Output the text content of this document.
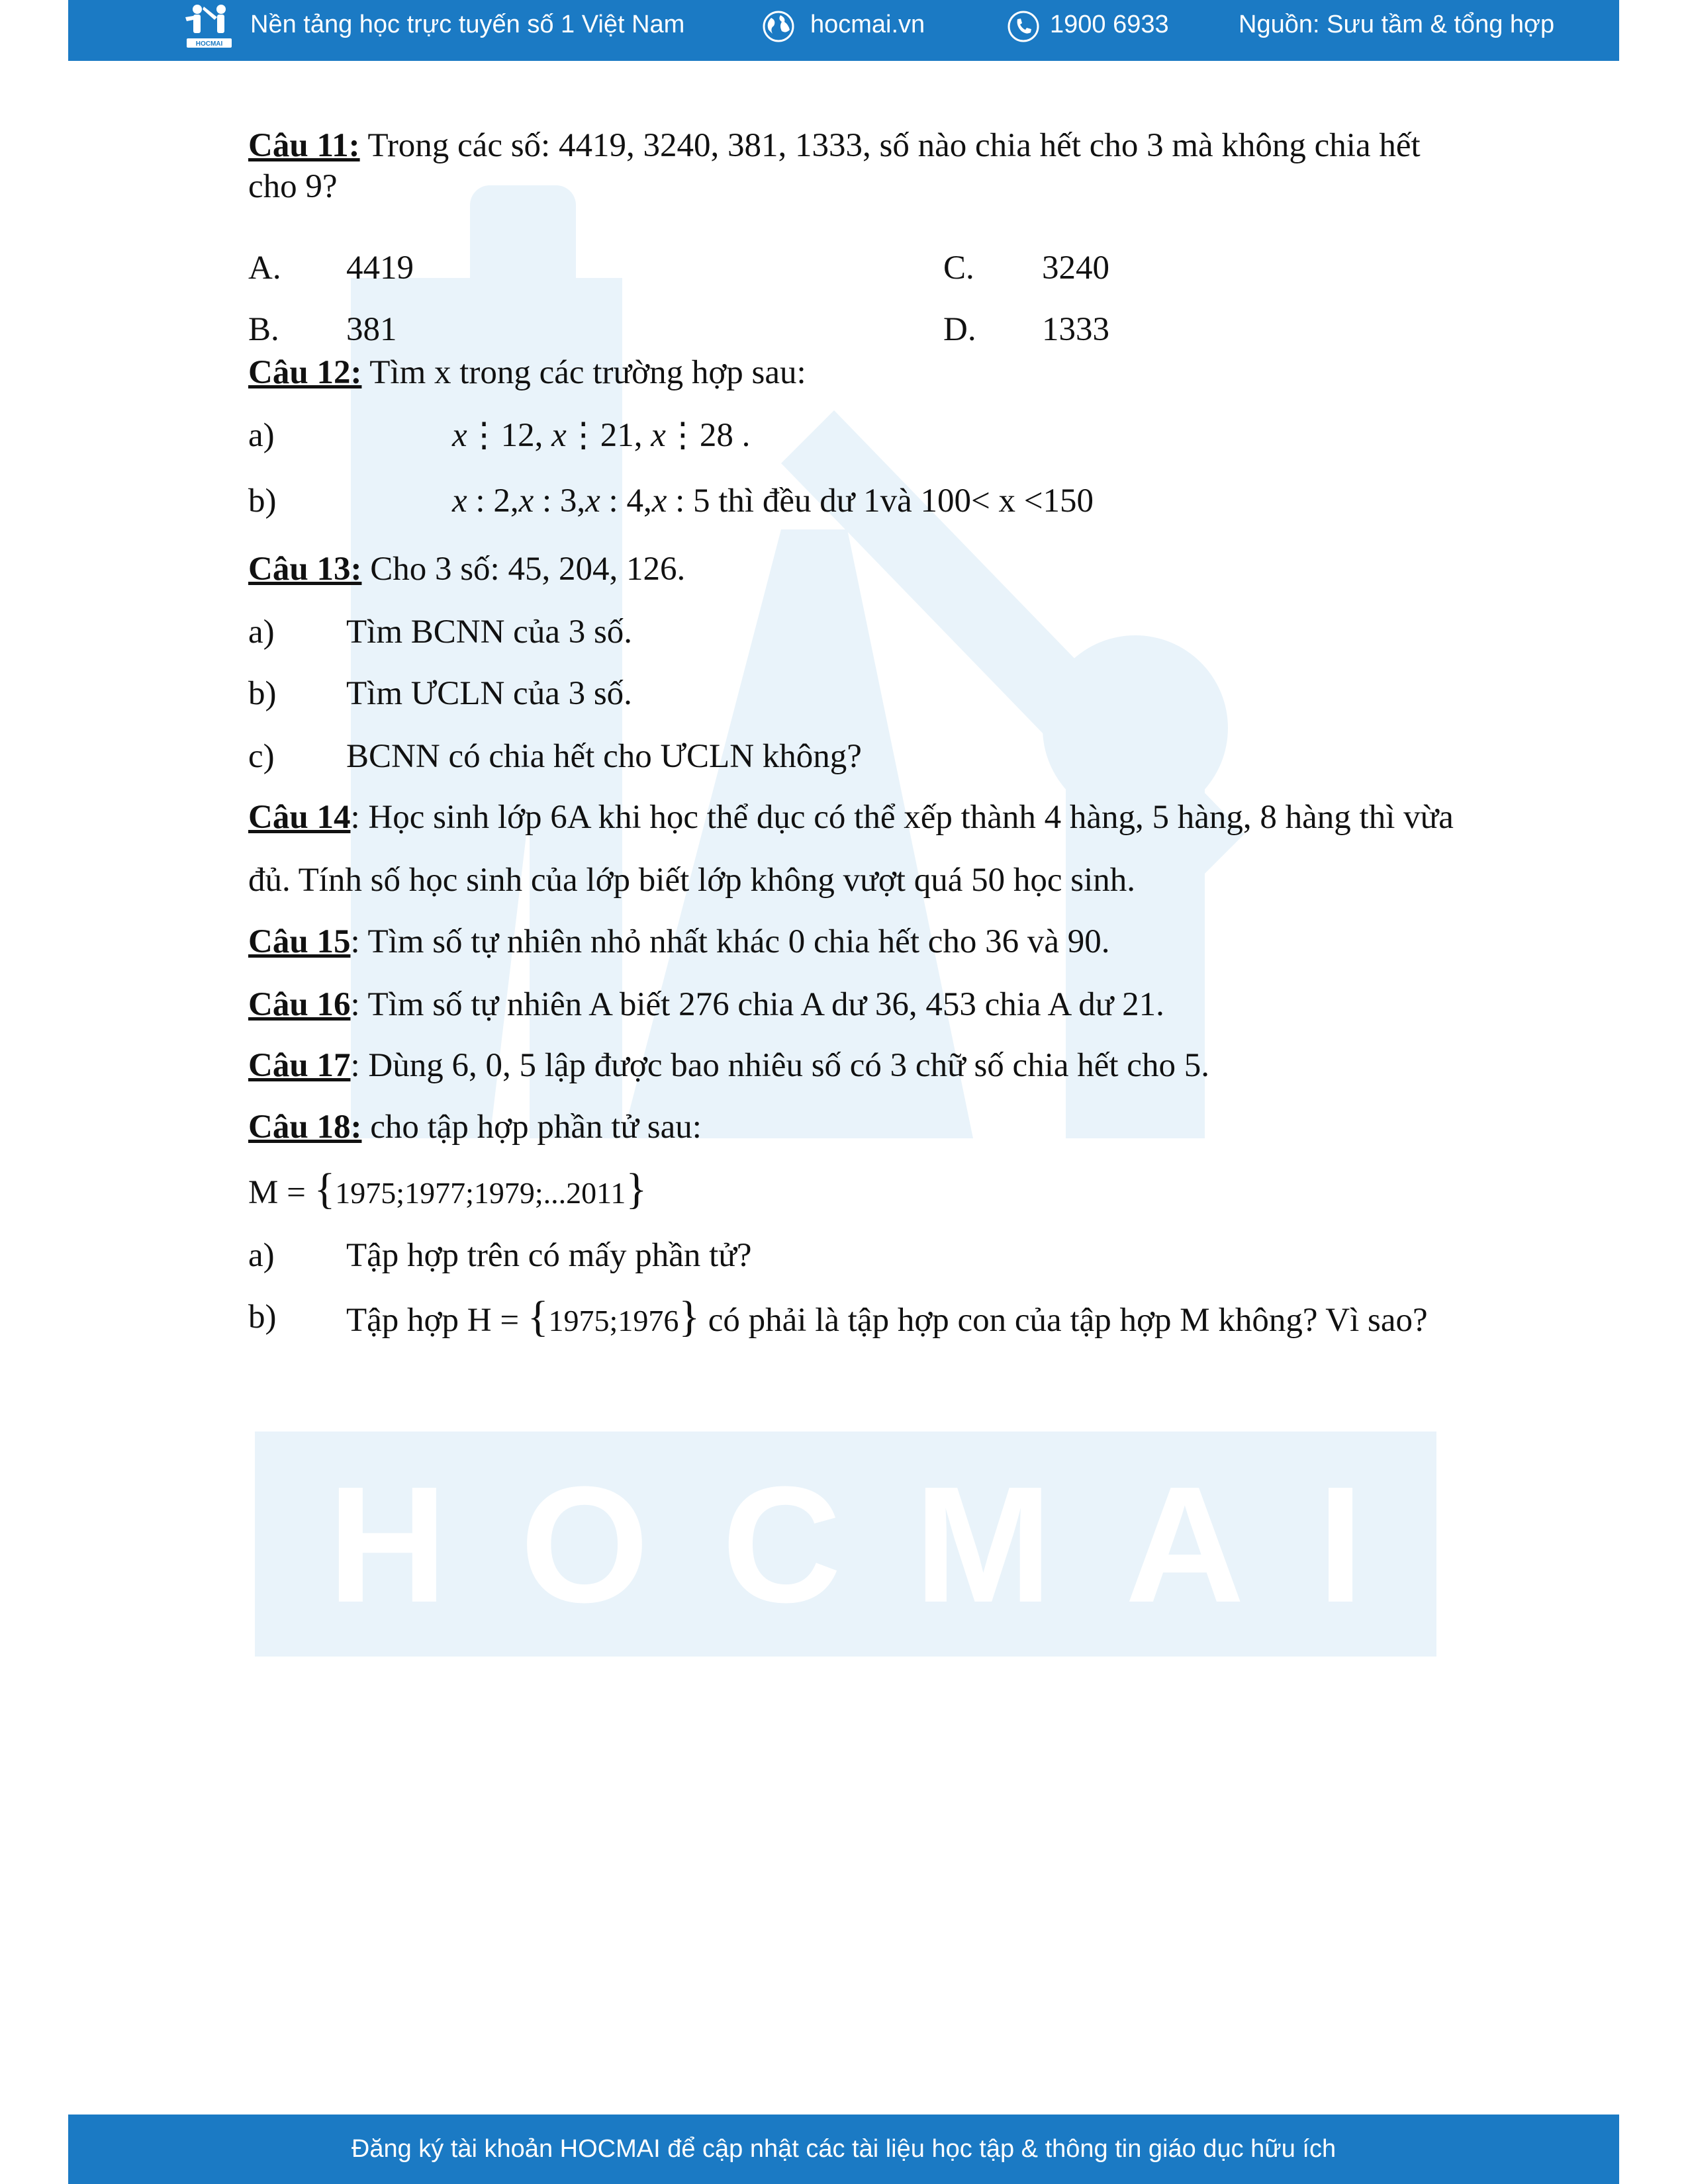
H O C M A I
HOCMAI
Nền tảng học trực tuyến số 1 Việt Nam	hocmai.vn	1900 6933	Nguồn: Sưu tầm & tổng hợp
Câu 11: Trong các số: 4419, 3240, 381, 1333, số nào chia hết cho 3 mà không chia hết
cho 9?
A. 4419	C. 3240
B. 381	D. 1333
Câu 12: Tìm x trong các trường hợp sau:
a)	x⋮12, x⋮21, x⋮28 .
b)	x : 2,x : 3,x : 4,x : 5 thì đều dư 1và 100< x <150
Câu 13: Cho 3 số: 45, 204, 126.
a) Tìm BCNN của 3 số.
b) Tìm ƯCLN của 3 số.
c) BCNN có chia hết cho ƯCLN không?
Câu 14: Học sinh lớp 6A khi học thể dục có thể xếp thành 4 hàng, 5 hàng, 8 hàng thì vừa
đủ. Tính số học sinh của lớp biết lớp không vượt quá 50 học sinh.
Câu 15: Tìm số tự nhiên nhỏ nhất khác 0 chia hết cho 36 và 90.
Câu 16: Tìm số tự nhiên A biết 276 chia A dư 36, 453 chia A dư 21.
Câu 17: Dùng 6, 0, 5 lập được bao nhiêu số có 3 chữ số chia hết cho 5.
Câu 18: cho tập hợp phần tử sau:
M = {1975;1977;1979;...2011}
a) Tập hợp trên có mấy phần tử?
b) Tập hợp H = {1975;1976} có phải là tập hợp con của tập hợp M không? Vì sao?
Đăng ký tài khoản HOCMAI để cập nhật các tài liệu học tập & thông tin giáo dục hữu ích
